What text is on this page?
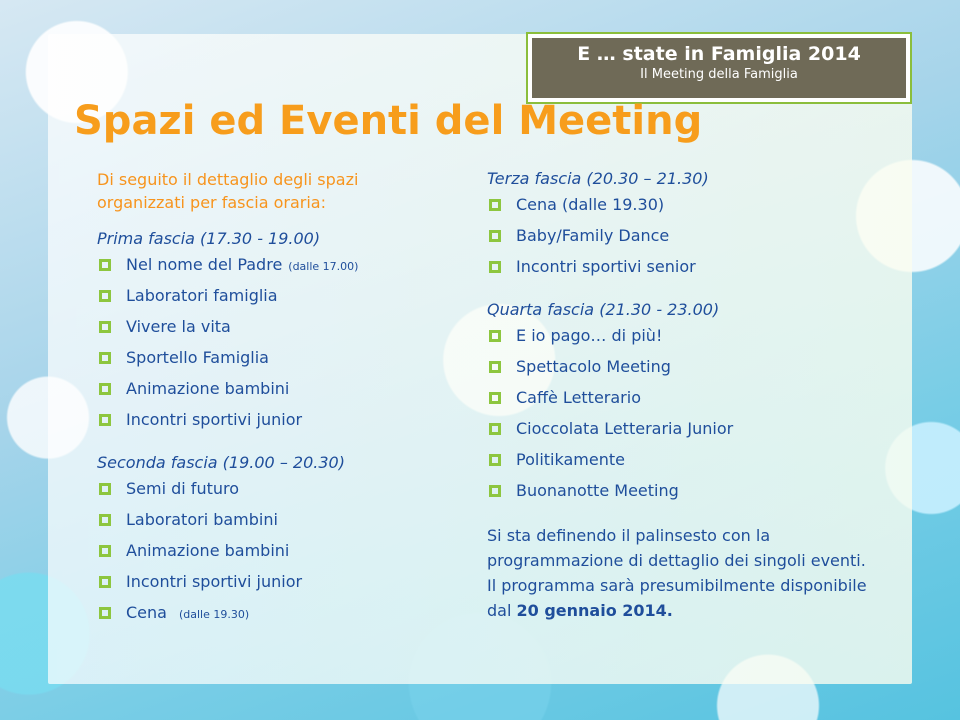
E … state in Famiglia 2014
Il Meeting della Famiglia
Spazi ed Eventi del Meeting
Di seguito il dettaglio degli spazi organizzati per fascia oraria:
Prima fascia (17.30 - 19.00)
Nel nome del Padre (dalle 17.00)
Laboratori famiglia
Vivere la vita
Sportello Famiglia
Animazione bambini
Incontri sportivi junior
Seconda fascia (19.00 – 20.30)
Semi di futuro
Laboratori bambini
Animazione bambini
Incontri sportivi junior
Cena (dalle 19.30)
Terza fascia (20.30 – 21.30)
Cena (dalle 19.30)
Baby/Family Dance
Incontri sportivi senior
Quarta fascia (21.30 - 23.00)
E io pago… di più!
Spettacolo Meeting
Caffè Letterario
Cioccolata Letteraria Junior
Politikamente
Buonanotte Meeting
Si sta definendo il palinsesto con la programmazione di dettaglio dei singoli eventi. Il programma sarà presumibilmente disponibile dal 20 gennaio 2014.
